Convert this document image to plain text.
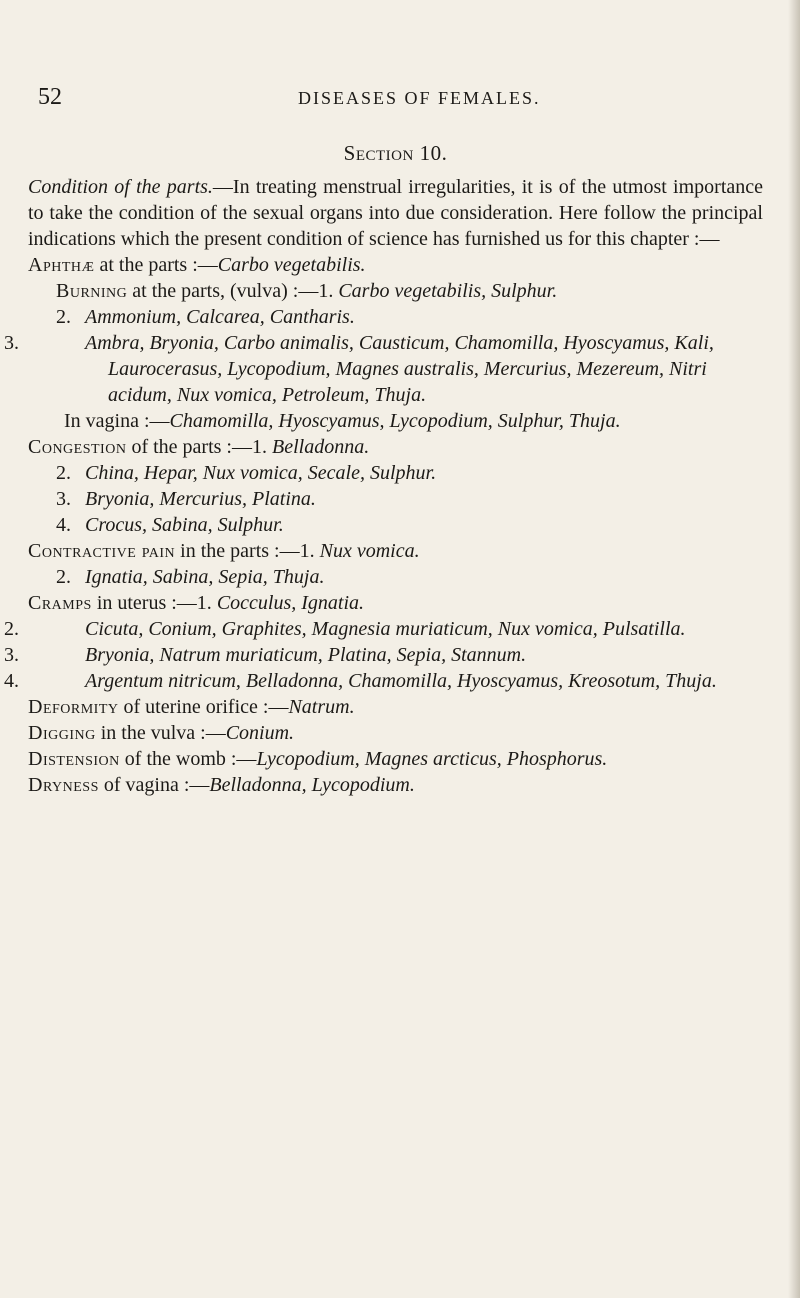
52	DISEASES OF FEMALES.

Section 10.

Condition of the parts.—In treating menstrual irregularities, it is of the utmost importance to take the condition of the sexual organs into due consideration. Here follow the principal indications which the present condition of science has furnished us for this chapter :—

Aphthæ at the parts :—Carbo vegetabilis.

Burning at the parts, (vulva) :—1. Carbo vegetabilis, Sulphur.

2. Ammonium, Calcarea, Cantharis.

3.	Ambra, Bryonia, Carbo animalis, Causticum, Chamomilla, Hyoscyamus, Kali, Laurocerasus, Lycopodium, Magnes australis, Mercurius, Mezereum, Nitri acidum, Nux vomica, Petroleum, Thuja.

In vagina :—Chamomilla, Hyoscyamus, Lycopodium, Sulphur, Thuja.

Congestion of the parts :—1. Belladonna.

2. China, Hepar, Nux vomica, Secale, Sulphur.

3. Bryonia, Mercurius, Platina.

4. Crocus, Sabina, Sulphur.

Contractive pain in the parts :—1. Nux vomica.

2. Ignatia, Sabina, Sepia, Thuja.

Cramps in uterus :—1. Cocculus, Ignatia.

2.	Cicuta, Conium, Graphites, Magnesia muriaticum, Nux vomica, Pulsatilla.

3.	Bryonia, Natrum muriaticum, Platina, Sepia, Stannum.

4.	Argentum nitricum, Belladonna, Chamomilla, Hyoscyamus, Kreosotum, Thuja.

Deformity of uterine orifice :—Natrum.

Digging in the vulva :—Conium.

Distension of the womb :—Lycopodium, Magnes arcticus, Phosphorus.

Dryness of vagina :—Belladonna, Lycopodium.
